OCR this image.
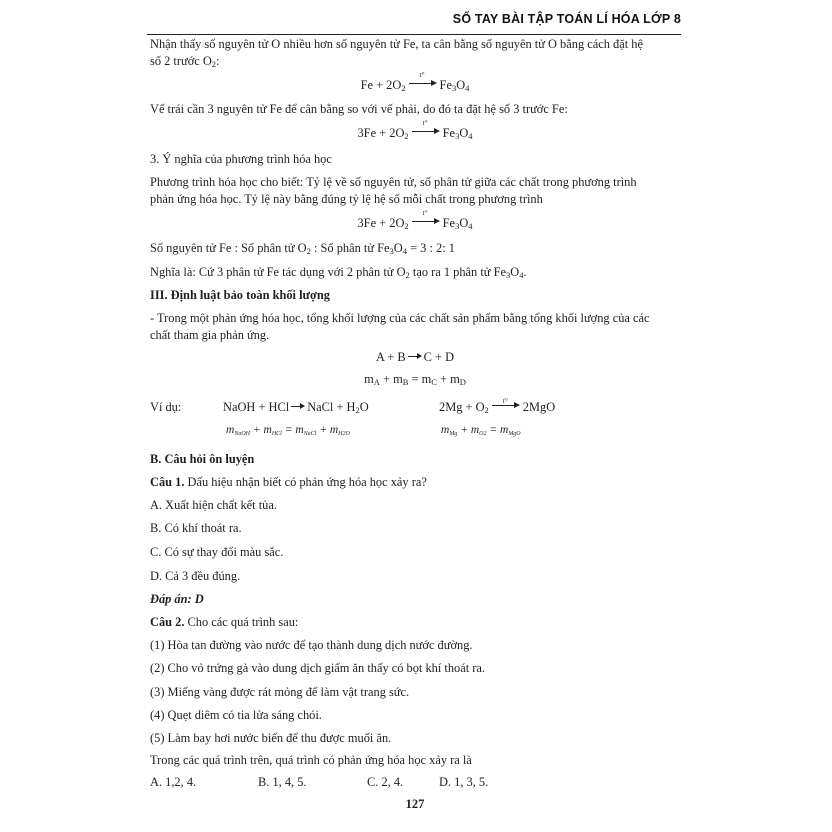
SỔ TAY BÀI TẬP TOÁN LÍ HÓA LỚP 8
Nhận thấy số nguyên tử O nhiều hơn số nguyên tử Fe, ta cân bằng số nguyên tử O bằng cách đặt hệ
số 2 trước $O_2$:
$Fe + 2O_2$
t°
$Fe_3O_4$
Vế trái cần 3 nguyên tử Fe để cân bằng so với vế phải, do đó ta đặt hệ số 3 trước Fe:
$3Fe + 2O_2$
t°
$Fe_3O_4$
3. Ý nghĩa của phương trình hóa học
Phương trình hóa học cho biết: Tỷ lệ về số nguyên tử, số phân tử giữa các chất trong phương trình
phản ứng hóa học. Tỷ lệ này bằng đúng tỷ lệ hệ số mỗi chất trong phương trình
$3Fe + 2O_2$
t°
$Fe_3O_4$
Số nguyên tử Fe : Số phân tử $O_2$ : Số phân tử $Fe_3O_4 = 3$ : 2: 1
Nghĩa là: Cứ 3 phân tử Fe tác dụng với 2 phân tử $O_2$ tạo ra 1 phân tử $Fe_3O_4$.
III. Định luật bảo toàn khối lượng
- Trong một phản ứng hóa học, tổng khối lượng của các chất sản phẩm bằng tổng khối lượng của các
chất tham gia phản ứng.
A + B C + D
$m_A + m_B = m_C + m_D$
Ví dụ:	NaOH + HCl NaCl + $H_2O$	$2Mg + O_2$
t° 2MgO
$m_{NaOH} + m_{HCl} = m_{NaCl} + m_{H2O}$	$m_{Mg} + m_{O2} = m_{MgO}$
B. Câu hỏi ôn luyện
Câu 1. Dấu hiệu nhận biết có phản ứng hóa học xảy ra?
A. Xuất hiện chất kết tủa.
B. Có khí thoát ra.
C. Có sự thay đổi màu sắc.
D. Cả 3 đều đúng.
Đáp án: D
Câu 2. Cho các quá trình sau:
(1) Hòa tan đường vào nước để tạo thành dung dịch nước đường.
(2) Cho vỏ trứng gà vào dung dịch giấm ăn thấy có bọt khí thoát ra.
(3) Miếng vàng được rát mỏng để làm vật trang sức.
(4) Quẹt diêm có tia lửa sáng chói.
(5) Làm bay hơi nước biển để thu được muối ăn.
Trong các quá trình trên, quá trình có phản ứng hóa học xảy ra là
A. 1,2, 4.	B. 1, 4, 5.	C. 2, 4.	D. 1, 3, 5.
127
